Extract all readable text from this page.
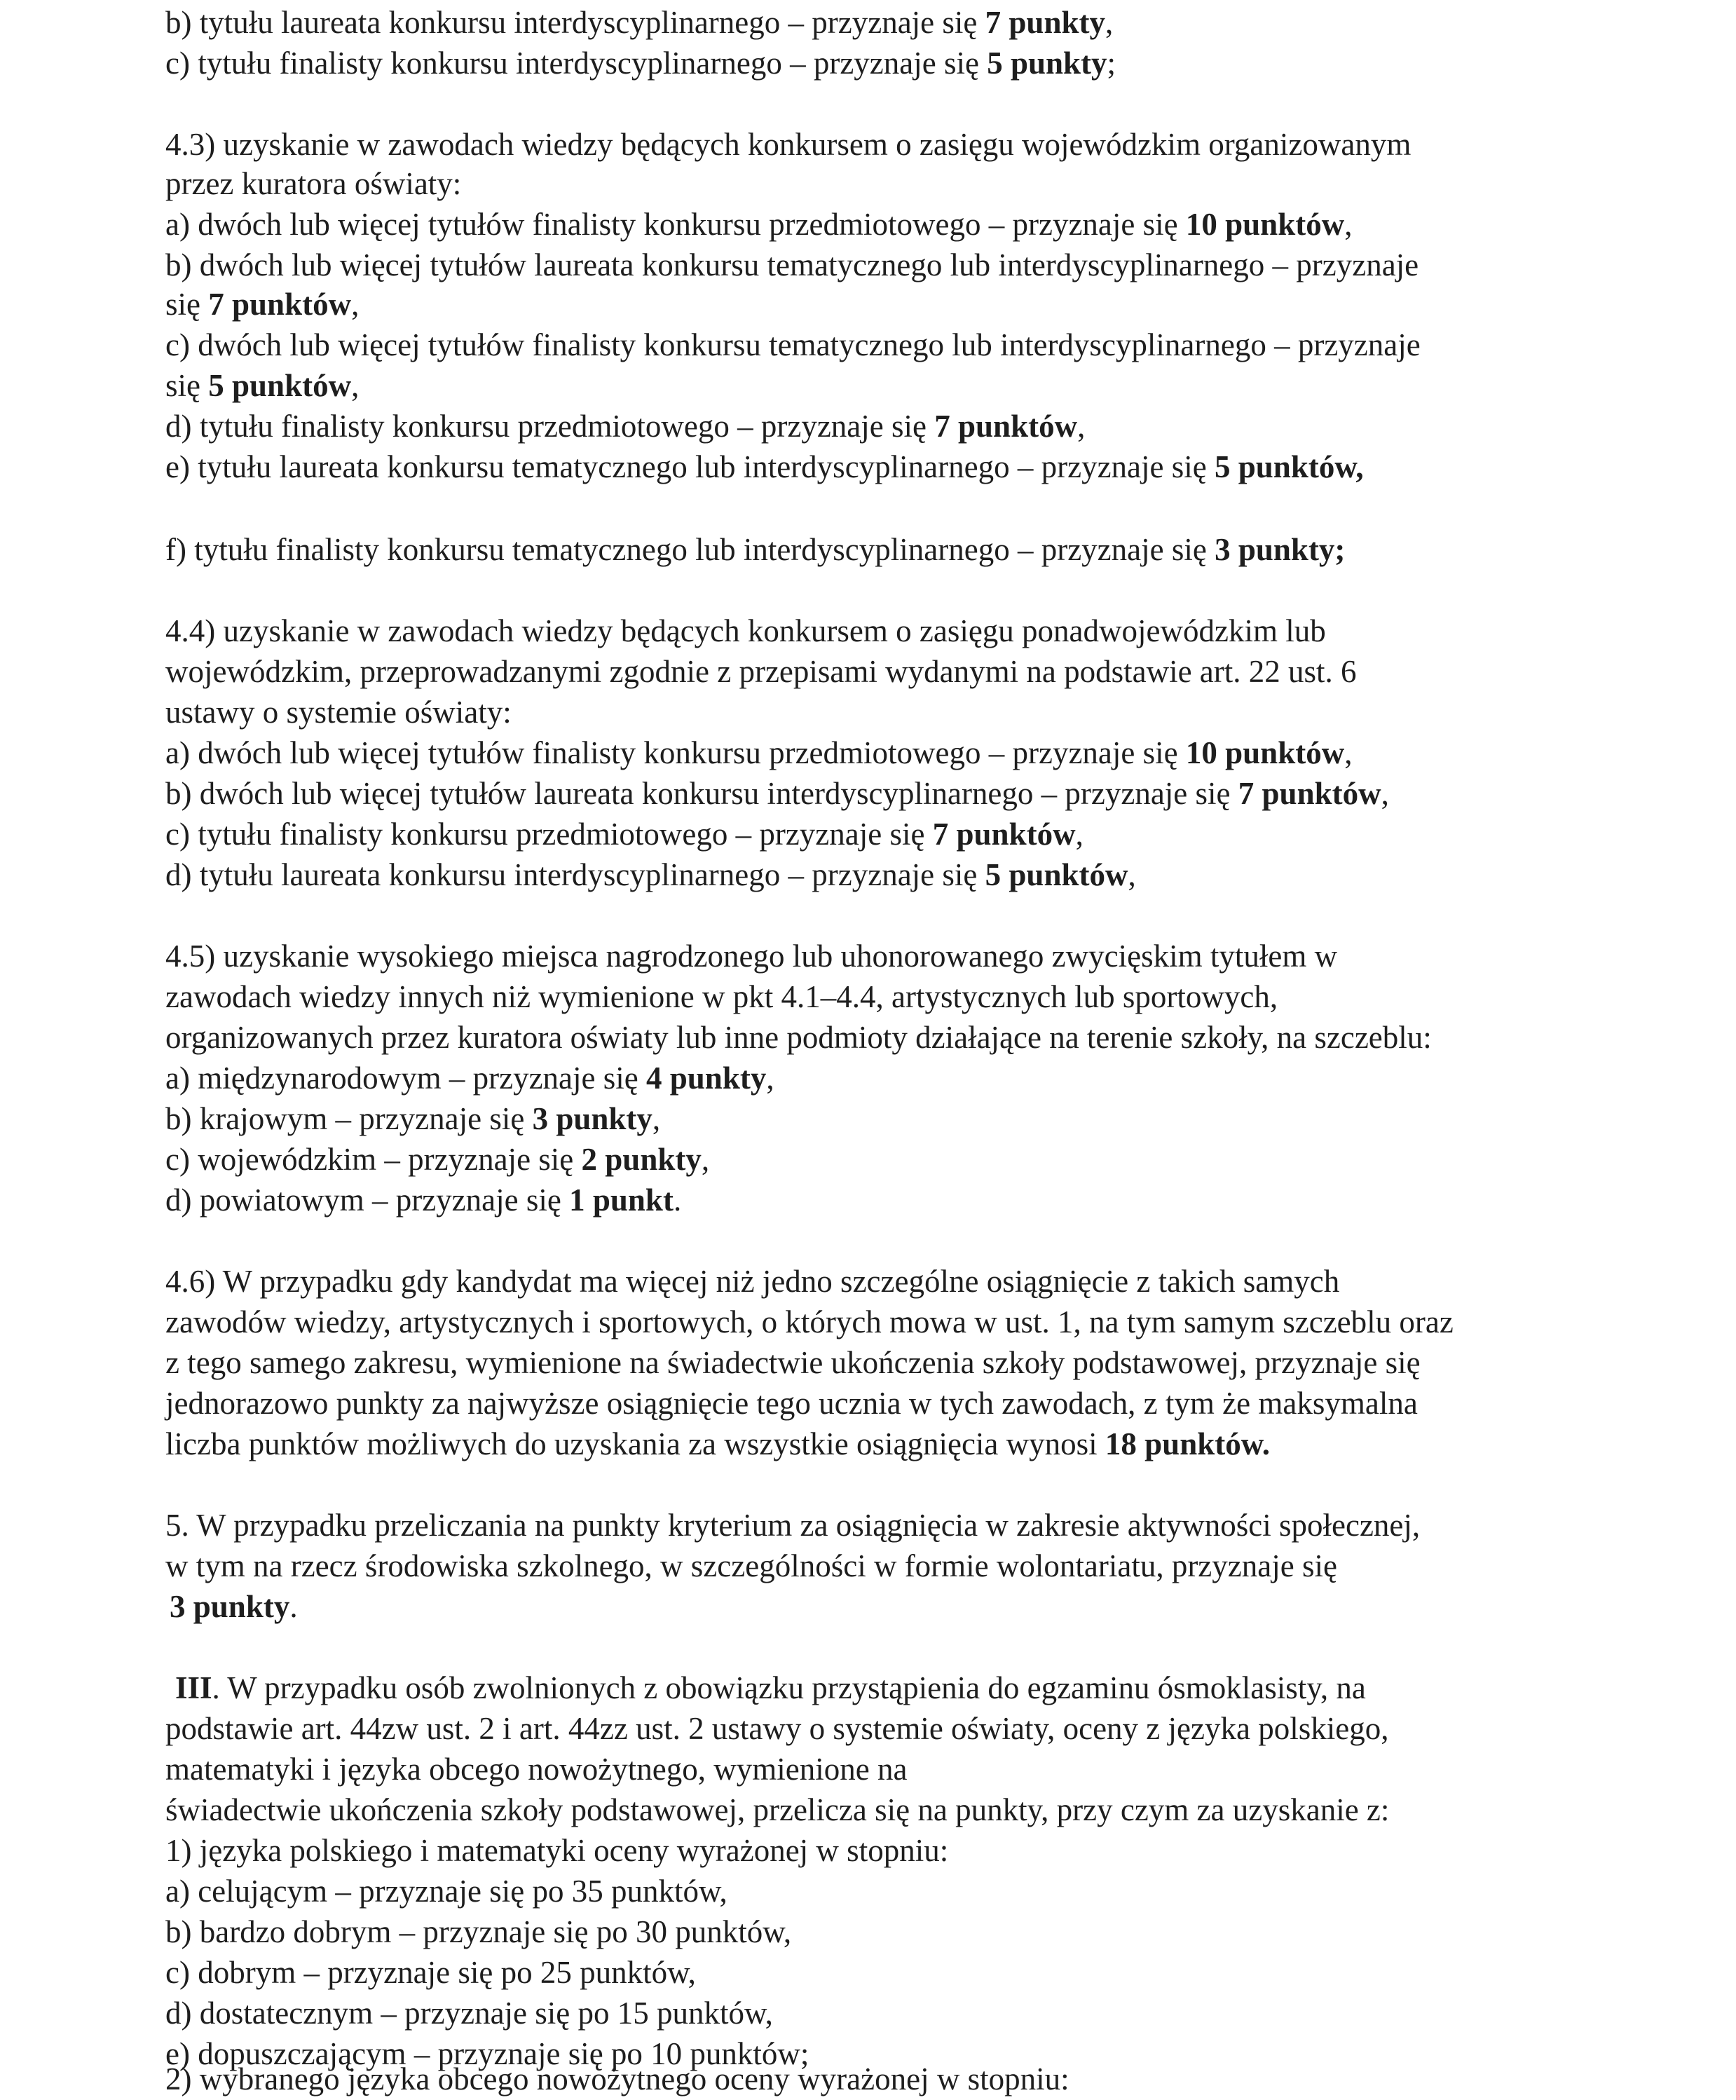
b) tytułu laureata konkursu interdyscyplinarnego – przyznaje się 7 punkty,
c) tytułu finalisty konkursu interdyscyplinarnego – przyznaje się 5 punkty;
4.3) uzyskanie w zawodach wiedzy będących konkursem o zasięgu wojewódzkim organizowanym
przez kuratora oświaty:
a) dwóch lub więcej tytułów finalisty konkursu przedmiotowego – przyznaje się 10 punktów,
b) dwóch lub więcej tytułów laureata konkursu tematycznego lub interdyscyplinarnego – przyznaje
się 7 punktów,
c) dwóch lub więcej tytułów finalisty konkursu tematycznego lub interdyscyplinarnego – przyznaje
się 5 punktów,
d) tytułu finalisty konkursu przedmiotowego – przyznaje się 7 punktów,
e) tytułu laureata konkursu tematycznego lub interdyscyplinarnego – przyznaje się 5 punktów,
f) tytułu finalisty konkursu tematycznego lub interdyscyplinarnego – przyznaje się 3 punkty;
4.4) uzyskanie w zawodach wiedzy będących konkursem o zasięgu ponadwojewódzkim lub
wojewódzkim, przeprowadzanymi zgodnie z przepisami wydanymi na podstawie art. 22 ust. 6
ustawy o systemie oświaty:
a) dwóch lub więcej tytułów finalisty konkursu przedmiotowego – przyznaje się 10 punktów,
b) dwóch lub więcej tytułów laureata konkursu interdyscyplinarnego – przyznaje się 7 punktów,
c) tytułu finalisty konkursu przedmiotowego – przyznaje się 7 punktów,
d) tytułu laureata konkursu interdyscyplinarnego – przyznaje się 5 punktów,
4.5) uzyskanie wysokiego miejsca nagrodzonego lub uhonorowanego zwycięskim tytułem w
zawodach wiedzy innych niż wymienione w pkt 4.1–4.4, artystycznych lub sportowych,
organizowanych przez kuratora oświaty lub inne podmioty działające na terenie szkoły, na szczeblu:
a) międzynarodowym – przyznaje się 4 punkty,
b) krajowym – przyznaje się 3 punkty,
c) wojewódzkim – przyznaje się 2 punkty,
d) powiatowym – przyznaje się 1 punkt.
4.6) W przypadku gdy kandydat ma więcej niż jedno szczególne osiągnięcie z takich samych
zawodów wiedzy, artystycznych i sportowych, o których mowa w ust. 1, na tym samym szczeblu oraz
z tego samego zakresu, wymienione na świadectwie ukończenia szkoły podstawowej, przyznaje się
jednorazowo punkty za najwyższe osiągnięcie tego ucznia w tych zawodach, z tym że maksymalna
liczba punktów możliwych do uzyskania za wszystkie osiągnięcia wynosi 18 punktów.
5. W przypadku przeliczania na punkty kryterium za osiągnięcia w zakresie aktywności społecznej,
w tym na rzecz środowiska szkolnego, w szczególności w formie wolontariatu, przyznaje się
3 punkty.
III. W przypadku osób zwolnionych z obowiązku przystąpienia do egzaminu ósmoklasisty, na
podstawie art. 44zw ust. 2 i art. 44zz ust. 2 ustawy o systemie oświaty, oceny z języka polskiego,
matematyki i języka obcego nowożytnego, wymienione na
świadectwie ukończenia szkoły podstawowej, przelicza się na punkty, przy czym za uzyskanie z:
1) języka polskiego i matematyki oceny wyrażonej w stopniu:
a) celującym – przyznaje się po 35 punktów,
b) bardzo dobrym – przyznaje się po 30 punktów,
c) dobrym – przyznaje się po 25 punktów,
d) dostatecznym – przyznaje się po 15 punktów,
e) dopuszczającym – przyznaje się po 10 punktów;
2) wybranego języka obcego nowożytnego oceny wyrażonej w stopniu:
